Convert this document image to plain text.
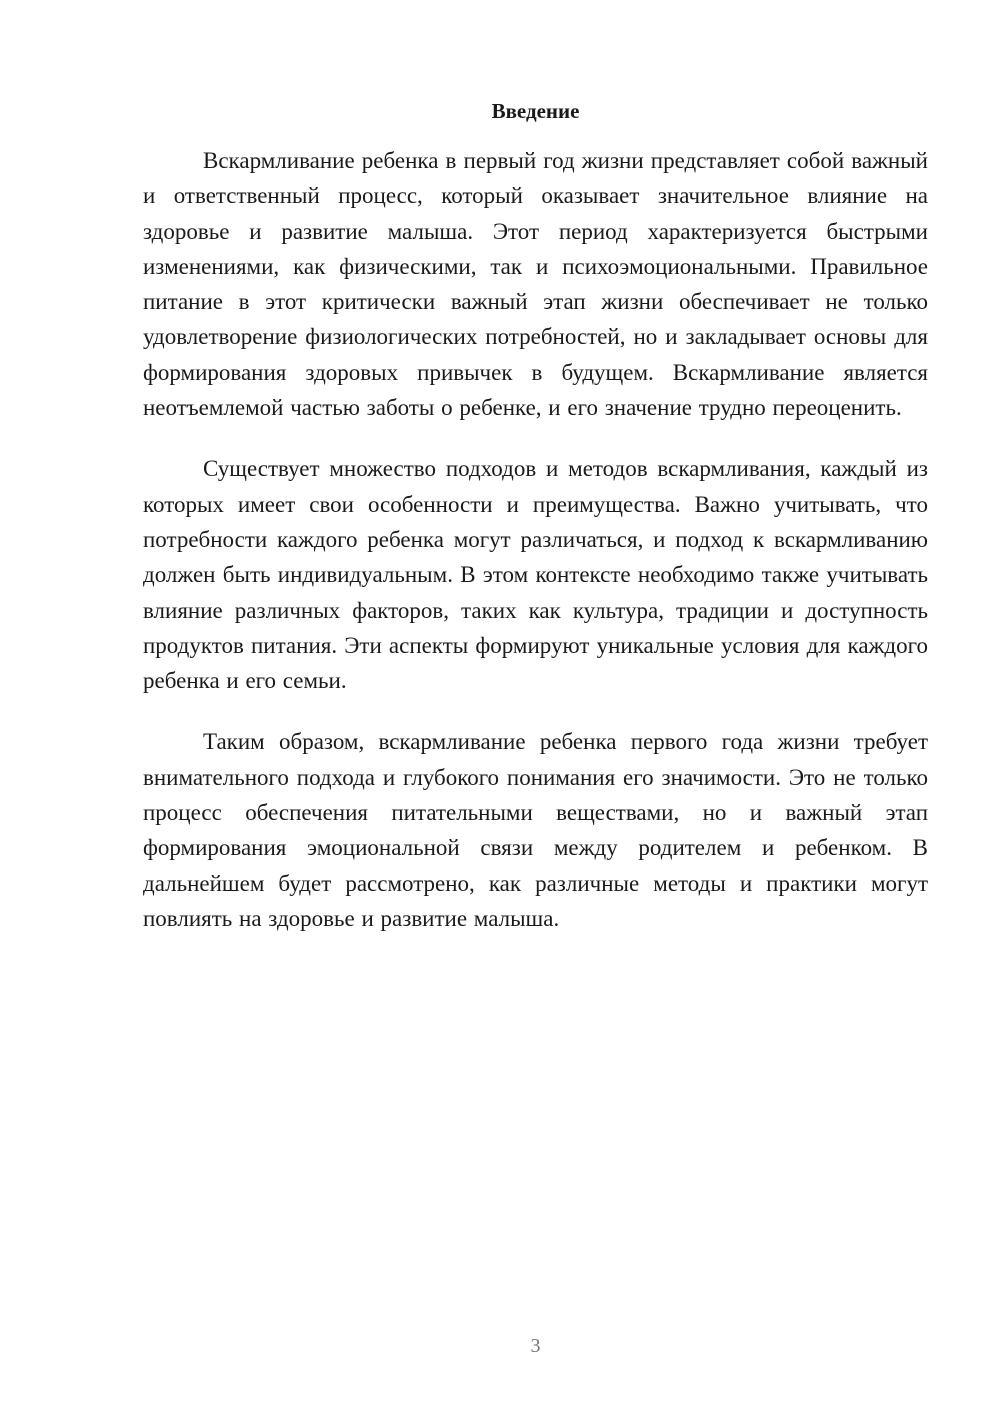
Введение

Вскармливание ребенка в первый год жизни представляет собой важный и ответственный процесс, который оказывает значительное влияние на здоровье и развитие малыша. Этот период характеризуется быстрыми изменениями, как физическими, так и психоэмоциональными. Правильное питание в этот критически важный этап жизни обеспечивает не только удовлетворение физиологических потребностей, но и закладывает основы для формирования здоровых привычек в будущем. Вскармливание является неотъемлемой частью заботы о ребенке, и его значение трудно переоценить.

Существует множество подходов и методов вскармливания, каждый из которых имеет свои особенности и преимущества. Важно учитывать, что потребности каждого ребенка могут различаться, и подход к вскармливанию должен быть индивидуальным. В этом контексте необходимо также учитывать влияние различных факторов, таких как культура, традиции и доступность продуктов питания. Эти аспекты формируют уникальные условия для каждого ребенка и его семьи.

Таким образом, вскармливание ребенка первого года жизни требует внимательного подхода и глубокого понимания его значимости. Это не только процесс обеспечения питательными веществами, но и важный этап формирования эмоциональной связи между родителем и ребенком. В дальнейшем будет рассмотрено, как различные методы и практики могут повлиять на здоровье и развитие малыша.

3
